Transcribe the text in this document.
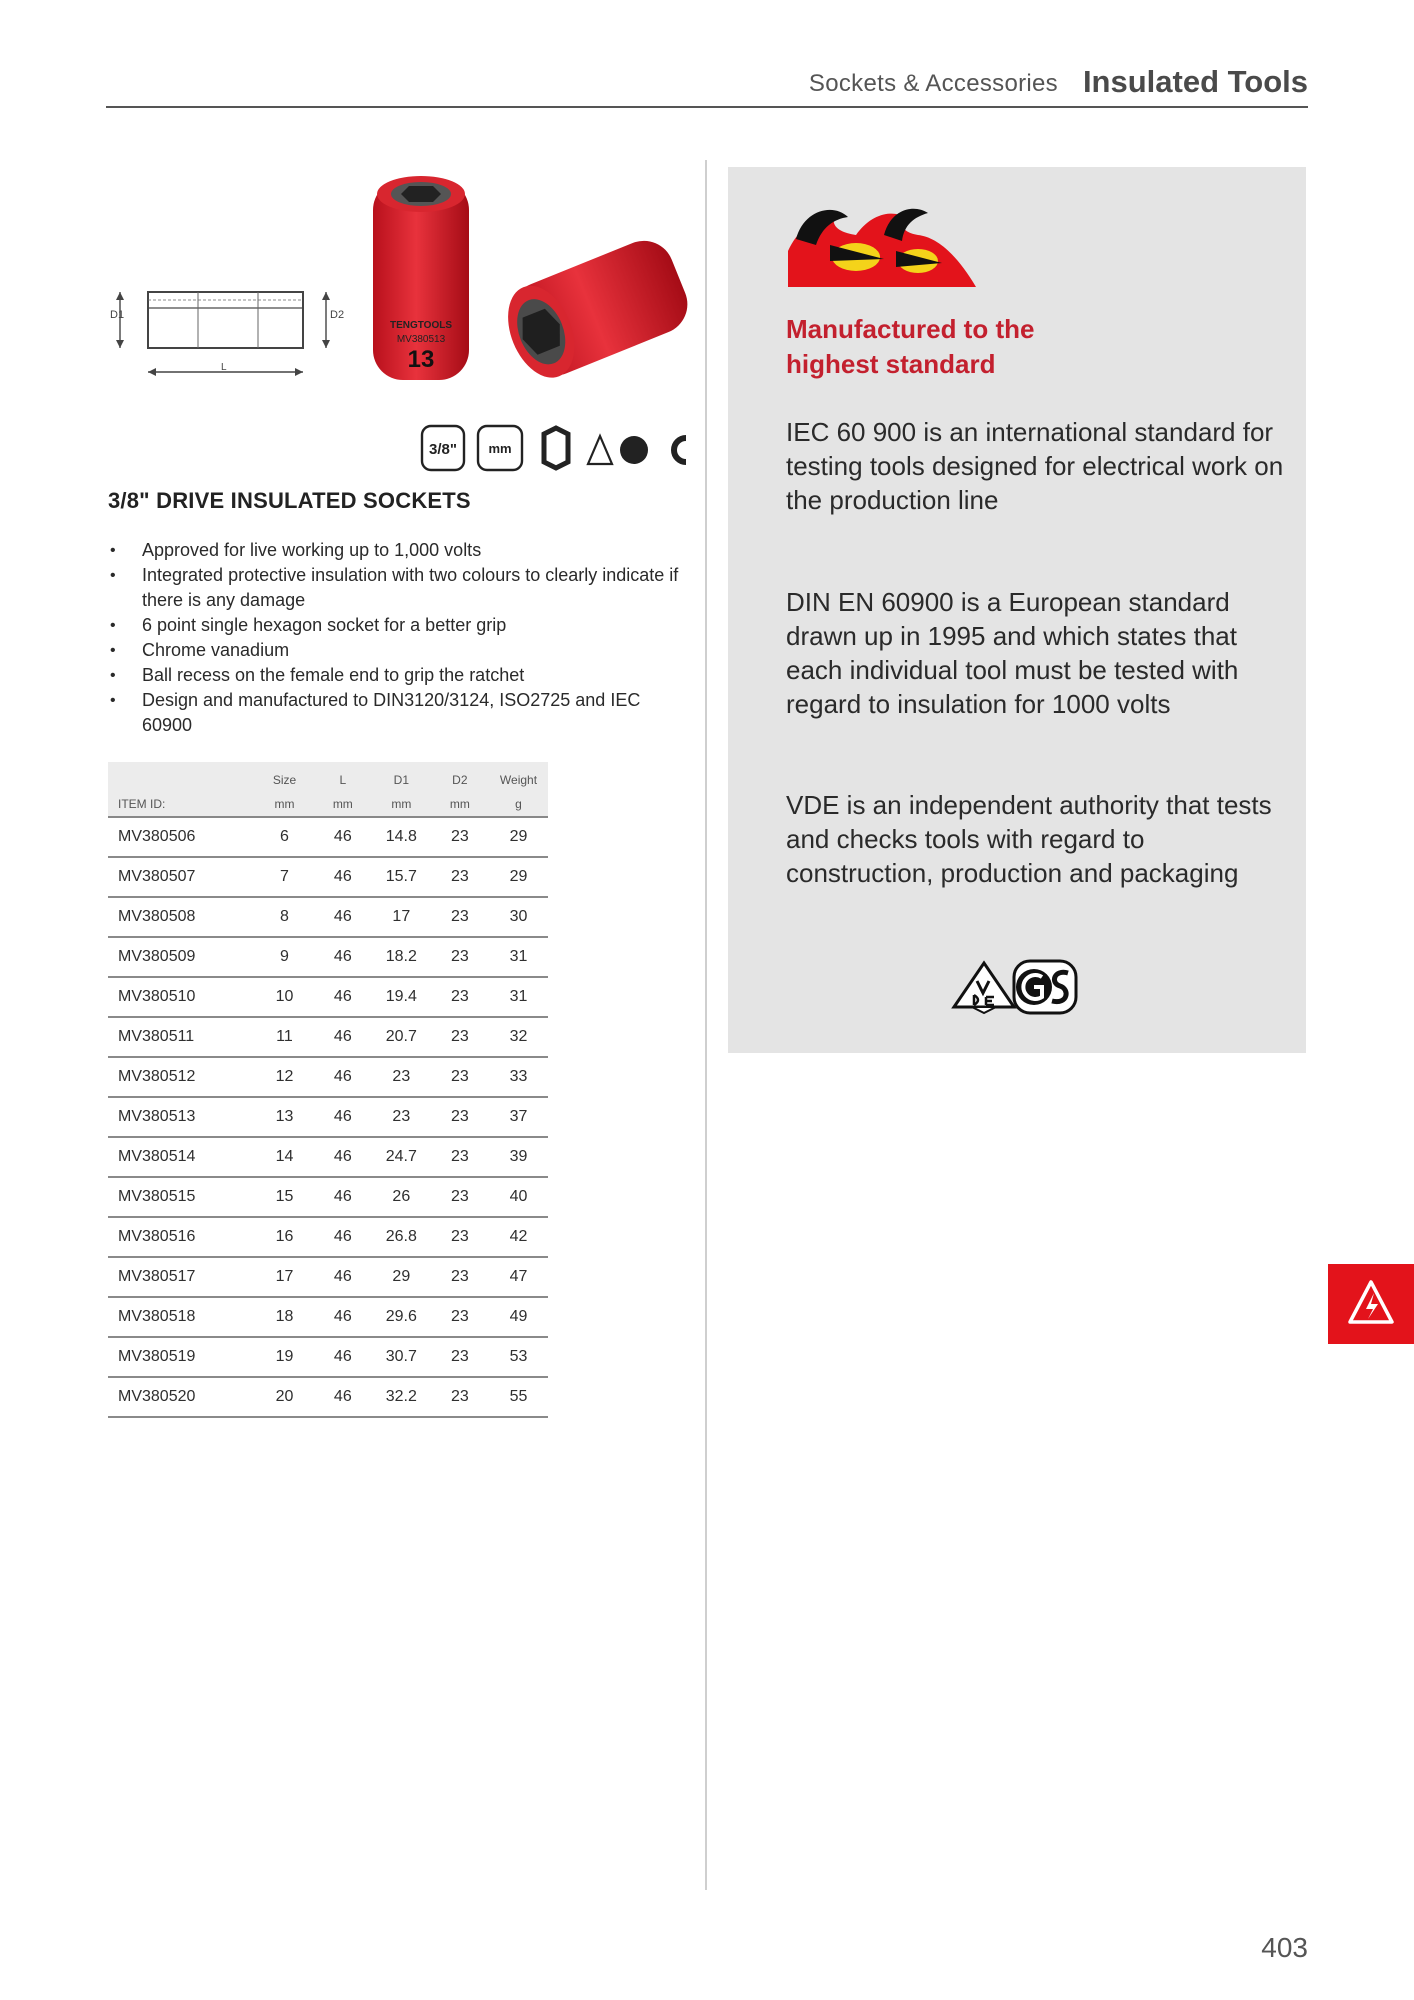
Sockets & Accessories Insulated Tools
D1	D2
L
TENGTOOLS
MV380513
13
3/8" mm
3/8" DRIVE INSULATED SOCKETS
• Approved for live working up to 1,000 volts
• Integrated protective insulation with two colours to clearly indicate if there is any damage
• 6 point single hexagon socket for a better grip
• Chrome vanadium
• Ball recess on the female end to grip the ratchet
• Design and manufactured to DIN3120/3124, ISO2725 and IEC 60900
	Size	L	D1	D2	Weight
ITEM ID:	mm	mm	mm	mm	g
MV380506	6	46	14.8	23	29
MV380507	7	46	15.7	23	29
MV380508	8	46	17	23	30
MV380509	9	46	18.2	23	31
MV380510	10	46	19.4	23	31
MV380511	11	46	20.7	23	32
MV380512	12	46	23	23	33
MV380513	13	46	23	23	37
MV380514	14	46	24.7	23	39
MV380515	15	46	26	23	40
MV380516	16	46	26.8	23	42
MV380517	17	46	29	23	47
MV380518	18	46	29.6	23	49
MV380519	19	46	30.7	23	53
MV380520	20	46	32.2	23	55
Manufactured to the
highest standard

IEC 60 900 is an international standard for testing tools designed for electrical work on the production line

DIN EN 60900 is a European standard drawn up in 1995 and which states that each individual tool must be tested with regard to insulation for 1000 volts

VDE is an independent authority that tests and checks tools with regard to construction, production and packaging

403
